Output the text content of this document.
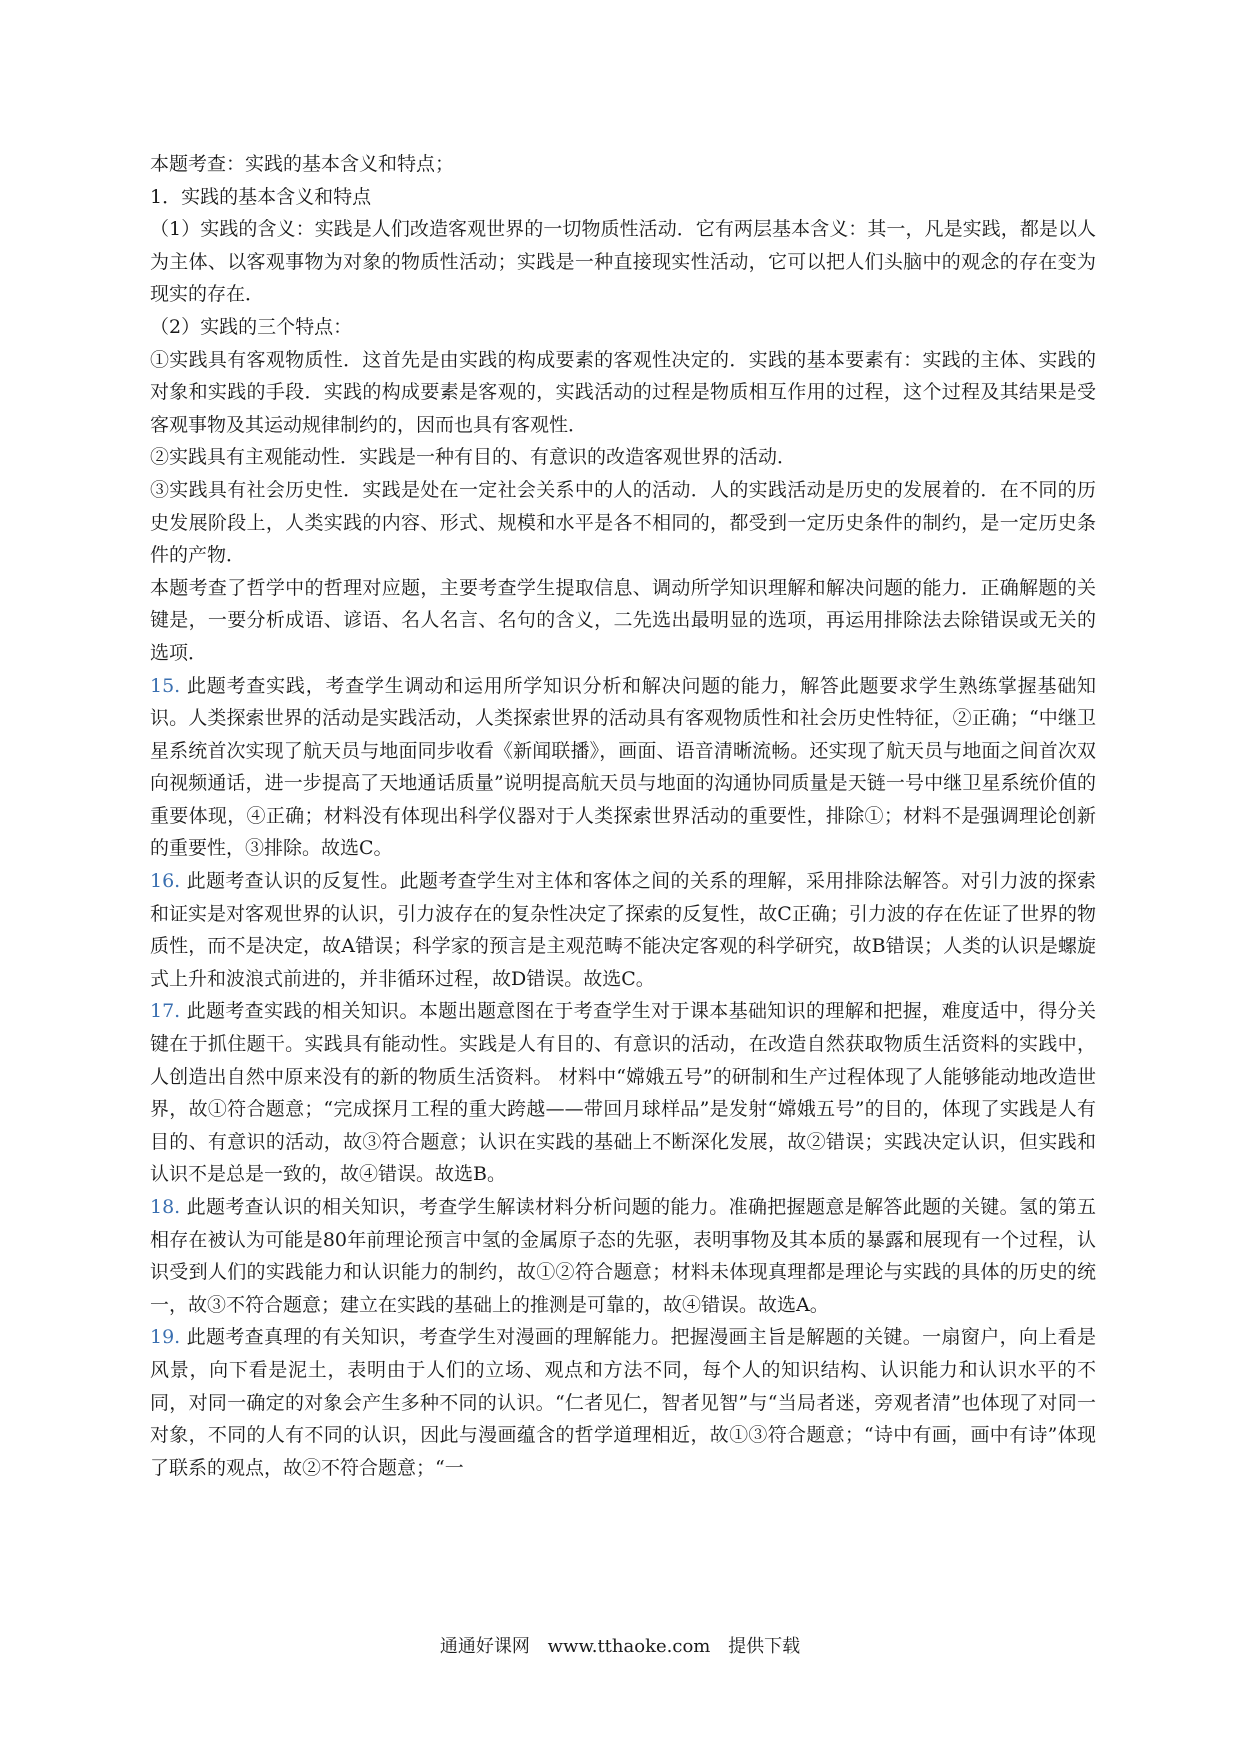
本题考查：实践的基本含义和特点；

1．实践的基本含义和特点

（1）实践的含义：实践是人们改造客观世界的一切物质性活动．它有两层基本含义：其一，凡是实践，都是以人为主体、以客观事物为对象的物质性活动；实践是一种直接现实性活动，它可以把人们头脑中的观念的存在变为现实的存在．

（2）实践的三个特点：

①实践具有客观物质性．这首先是由实践的构成要素的客观性决定的．实践的基本要素有：实践的主体、实践的对象和实践的手段．实践的构成要素是客观的，实践活动的过程是物质相互作用的过程，这个过程及其结果是受客观事物及其运动规律制约的，因而也具有客观性．

②实践具有主观能动性．实践是一种有目的、有意识的改造客观世界的活动．

③实践具有社会历史性．实践是处在一定社会关系中的人的活动．人的实践活动是历史的发展着的．在不同的历史发展阶段上，人类实践的内容、形式、规模和水平是各不相同的，都受到一定历史条件的制约，是一定历史条件的产物．

本题考查了哲学中的哲理对应题，主要考查学生提取信息、调动所学知识理解和解决问题的能力．正确解题的关键是，一要分析成语、谚语、名人名言、名句的含义，二先选出最明显的选项，再运用排除法去除错误或无关的选项．

15. 此题考查实践，考查学生调动和运用所学知识分析和解决问题的能力，解答此题要求学生熟练掌握基础知识。人类探索世界的活动是实践活动，人类探索世界的活动具有客观物质性和社会历史性特征，②正确；“中继卫星系统首次实现了航天员与地面同步收看《新闻联播》，画面、语音清晰流畅。还实现了航天员与地面之间首次双向视频通话，进一步提高了天地通话质量”说明提高航天员与地面的沟通协同质量是天链一号中继卫星系统价值的重要体现，④正确；材料没有体现出科学仪器对于人类探索世界活动的重要性，排除①；材料不是强调理论创新的重要性，③排除。故选C。

16. 此题考查认识的反复性。此题考查学生对主体和客体之间的关系的理解，采用排除法解答。对引力波的探索和证实是对客观世界的认识，引力波存在的复杂性决定了探索的反复性，故C正确；引力波的存在佐证了世界的物质性，而不是决定，故A错误；科学家的预言是主观范畴不能决定客观的科学研究，故B错误；人类的认识是螺旋式上升和波浪式前进的，并非循环过程，故D错误。故选C。

17. 此题考查实践的相关知识。本题出题意图在于考查学生对于课本基础知识的理解和把握，难度适中，得分关键在于抓住题干。实践具有能动性。实践是人有目的、有意识的活动，在改造自然获取物质生活资料的实践中，人创造出自然中原来没有的新的物质生活资料。 材料中“嫦娥五号”的研制和生产过程体现了人能够能动地改造世界，故①符合题意；“完成探月工程的重大跨越——带回月球样品”是发射“嫦娥五号”的目的，体现了实践是人有目的、有意识的活动，故③符合题意；认识在实践的基础上不断深化发展，故②错误；实践决定认识，但实践和认识不是总是一致的，故④错误。故选B。

18. 此题考查认识的相关知识，考查学生解读材料分析问题的能力。准确把握题意是解答此题的关键。氢的第五相存在被认为可能是80年前理论预言中氢的金属原子态的先驱，表明事物及其本质的暴露和展现有一个过程，认识受到人们的实践能力和认识能力的制约，故①②符合题意；材料未体现真理都是理论与实践的具体的历史的统一，故③不符合题意；建立在实践的基础上的推测是可靠的，故④错误。故选A。

19. 此题考查真理的有关知识，考查学生对漫画的理解能力。把握漫画主旨是解题的关键。一扇窗户，向上看是风景，向下看是泥土，表明由于人们的立场、观点和方法不同，每个人的知识结构、认识能力和认识水平的不同，对同一确定的对象会产生多种不同的认识。“仁者见仁，智者见智”与“当局者迷，旁观者清”也体现了对同一对象，不同的人有不同的认识，因此与漫画蕴含的哲学道理相近，故①③符合题意；“诗中有画，画中有诗”体现了联系的观点，故②不符合题意；“一

通通好课网 www.tthaoke.com 提供下载
